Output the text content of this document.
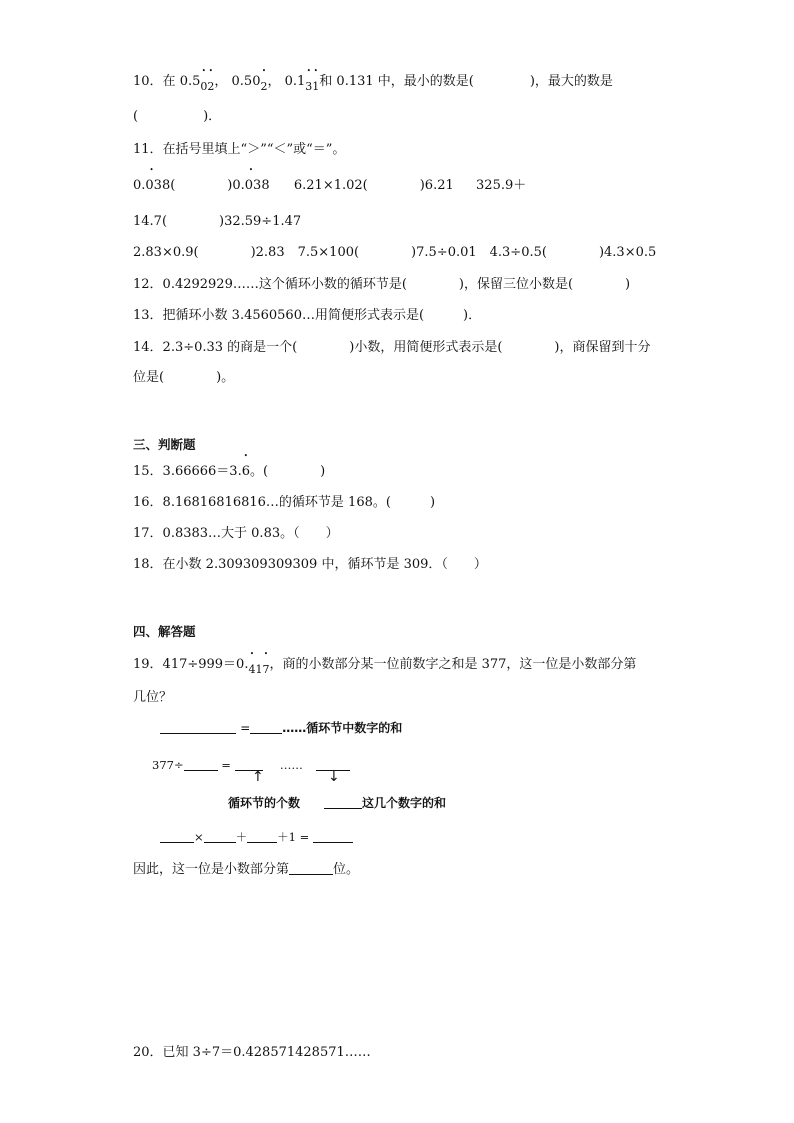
10．在 0.5• 0• 2， 0.50• 2， 0.1• 3• 1和 0.131 中，最小的数是(	)，最大的数是
(　　　　　)．
11．在括号里填上“＞”“＜”或“＝”。
• 0.038(　　　　)• 0.038 6.21×1.02(　　　　)6.21 325.9＋
14.7(　　　　)32.59÷1.47
2.83×0.9(　　　　)2.83　7.5×100(　　　　)7.5÷0.01　4.3÷0.5(　　　　)4.3×0.5
12．0.4292929……这个循环小数的循环节是(　　　　)，保留三位小数是(　　　　)
13．把循环小数 3.4560560…用简便形式表示是(　　　)．
14．2.3÷0.33 的商是一个(　　　　)小数，用简便形式表示是(　　　　)，商保留到十分
位是(　　　　)。
三、判断题
15．3.66666＝3.• 6。(　　　　)
16．8.16816816816…的循环节是 168。(　　　)
17．0.8383…大于 0.83。（　　）
18．在小数 2.309309309309 中，循环节是 309．（　　）
四、解答题
19．417÷999＝0.• $4_1•$ 7，商的小数部分某一位前数字之和是 377，这一位是小数部分第
几位？
=	……循环节中数字的和
377÷	=	……
↑	↓
循环节的个数	这几个数字的和
×	＋	＋1 =
因此，这一位是小数部分第	位。
20．已知 3÷7＝0.428571428571……
